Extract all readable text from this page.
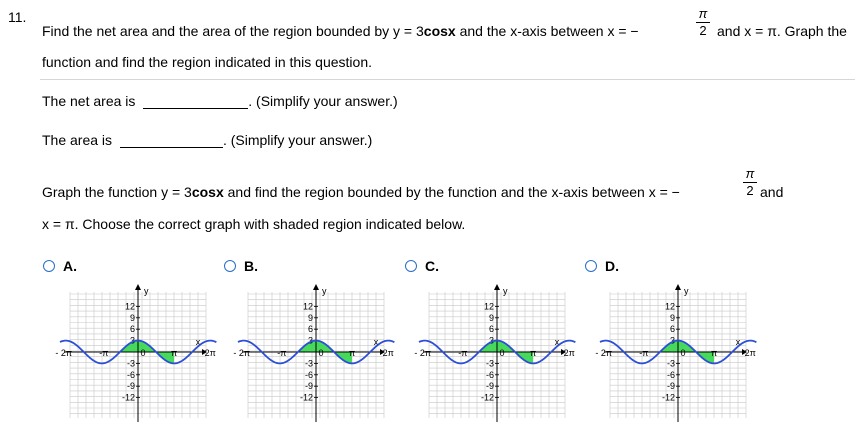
11.
Find the net area and the area of the region bounded by y = 3cosx and the x-axis between x = −
π
2 and x = π. Graph the
function and find the region indicated in this question.
The net area is	. (Simplify your answer.)
The area is	. (Simplify your answer.)
Graph the function y = 3cosx and find the region bounded by the function and the x-axis between x = −
π
2 and
x = π. Choose the correct graph with shaded region indicated below.
A.	B.	C.	D.
y
x
12
9
6
3
-3
-6
-9
-12
- 2π	-π	0	π	2π
y
x
12
9
6
3
-3
-6
-9
-12
- 2π	-π	0	π	2π
y
x
12
9
6
3
-3
-6
-9
-12
- 2π	-π	0	π	2π
y
x
12
9
6
3
-3
-6
-9
-12
- 2π	-π	0	π	2π
